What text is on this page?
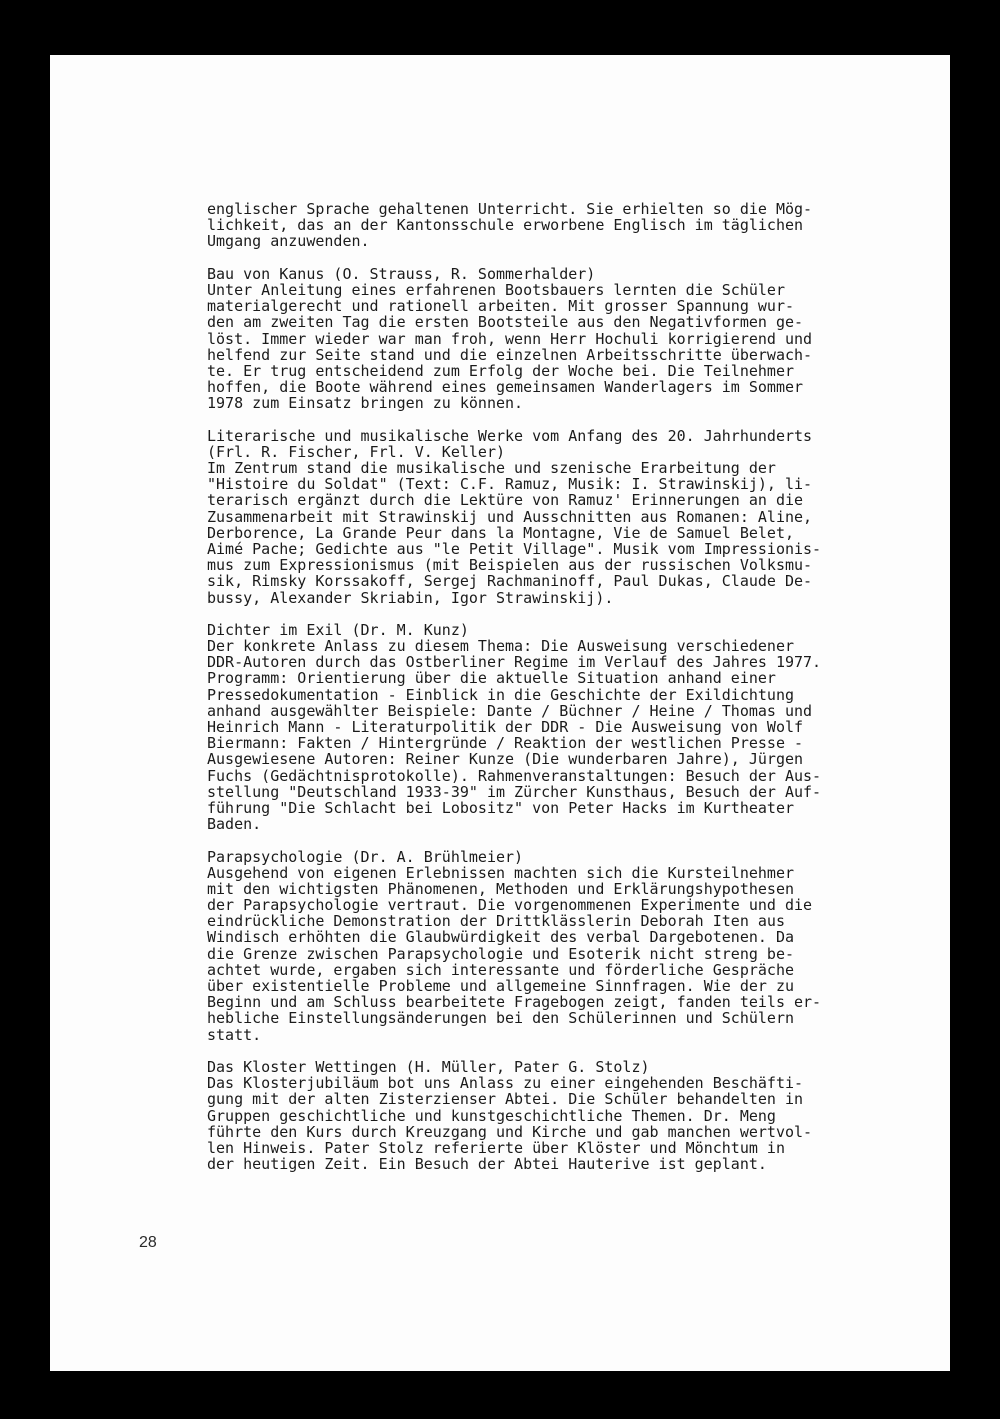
englischer Sprache gehaltenen Unterricht. Sie erhielten so die Mög-
lichkeit, das an der Kantonsschule erworbene Englisch im täglichen
Umgang anzuwenden.
Bau von Kanus (O. Strauss, R. Sommerhalder)
Unter Anleitung eines erfahrenen Bootsbauers lernten die Schüler
materialgerecht und rationell arbeiten. Mit grosser Spannung wur-
den am zweiten Tag die ersten Bootsteile aus den Negativformen ge-
löst. Immer wieder war man froh, wenn Herr Hochuli korrigierend und
helfend zur Seite stand und die einzelnen Arbeitsschritte überwach-
te. Er trug entscheidend zum Erfolg der Woche bei. Die Teilnehmer
hoffen, die Boote während eines gemeinsamen Wanderlagers im Sommer
1978 zum Einsatz bringen zu können.
Literarische und musikalische Werke vom Anfang des 20. Jahrhunderts
(Frl. R. Fischer, Frl. V. Keller)
Im Zentrum stand die musikalische und szenische Erarbeitung der
"Histoire du Soldat" (Text: C.F. Ramuz, Musik: I. Strawinskij), li-
terarisch ergänzt durch die Lektüre von Ramuz' Erinnerungen an die
Zusammenarbeit mit Strawinskij und Ausschnitten aus Romanen: Aline,
Derborence, La Grande Peur dans la Montagne, Vie de Samuel Belet,
Aimé Pache; Gedichte aus "le Petit Village". Musik vom Impressionis-
mus zum Expressionismus (mit Beispielen aus der russischen Volksmu-
sik, Rimsky Korssakoff, Sergej Rachmaninoff, Paul Dukas, Claude De-
bussy, Alexander Skriabin, Igor Strawinskij).
Dichter im Exil (Dr. M. Kunz)
Der konkrete Anlass zu diesem Thema: Die Ausweisung verschiedener
DDR-Autoren durch das Ostberliner Regime im Verlauf des Jahres 1977.
Programm: Orientierung über die aktuelle Situation anhand einer
Pressedokumentation - Einblick in die Geschichte der Exildichtung
anhand ausgewählter Beispiele: Dante / Büchner / Heine / Thomas und
Heinrich Mann - Literaturpolitik der DDR - Die Ausweisung von Wolf
Biermann: Fakten / Hintergründe / Reaktion der westlichen Presse -
Ausgewiesene Autoren: Reiner Kunze (Die wunderbaren Jahre), Jürgen
Fuchs (Gedächtnisprotokolle). Rahmenveranstaltungen: Besuch der Aus-
stellung "Deutschland 1933-39" im Zürcher Kunsthaus, Besuch der Auf-
führung "Die Schlacht bei Lobositz" von Peter Hacks im Kurtheater
Baden.
Parapsychologie (Dr. A. Brühlmeier)
Ausgehend von eigenen Erlebnissen machten sich die Kursteilnehmer
mit den wichtigsten Phänomenen, Methoden und Erklärungshypothesen
der Parapsychologie vertraut. Die vorgenommenen Experimente und die
eindrückliche Demonstration der Drittklässlerin Deborah Iten aus
Windisch erhöhten die Glaubwürdigkeit des verbal Dargebotenen. Da
die Grenze zwischen Parapsychologie und Esoterik nicht streng be-
achtet wurde, ergaben sich interessante und förderliche Gespräche
über existentielle Probleme und allgemeine Sinnfragen. Wie der zu
Beginn und am Schluss bearbeitete Fragebogen zeigt, fanden teils er-
hebliche Einstellungsänderungen bei den Schülerinnen und Schülern
statt.
Das Kloster Wettingen (H. Müller, Pater G. Stolz)
Das Klosterjubiläum bot uns Anlass zu einer eingehenden Beschäfti-
gung mit der alten Zisterzienser Abtei. Die Schüler behandelten in
Gruppen geschichtliche und kunstgeschichtliche Themen. Dr. Meng
führte den Kurs durch Kreuzgang und Kirche und gab manchen wertvol-
len Hinweis. Pater Stolz referierte über Klöster und Mönchtum in
der heutigen Zeit. Ein Besuch der Abtei Hauterive ist geplant.
28
